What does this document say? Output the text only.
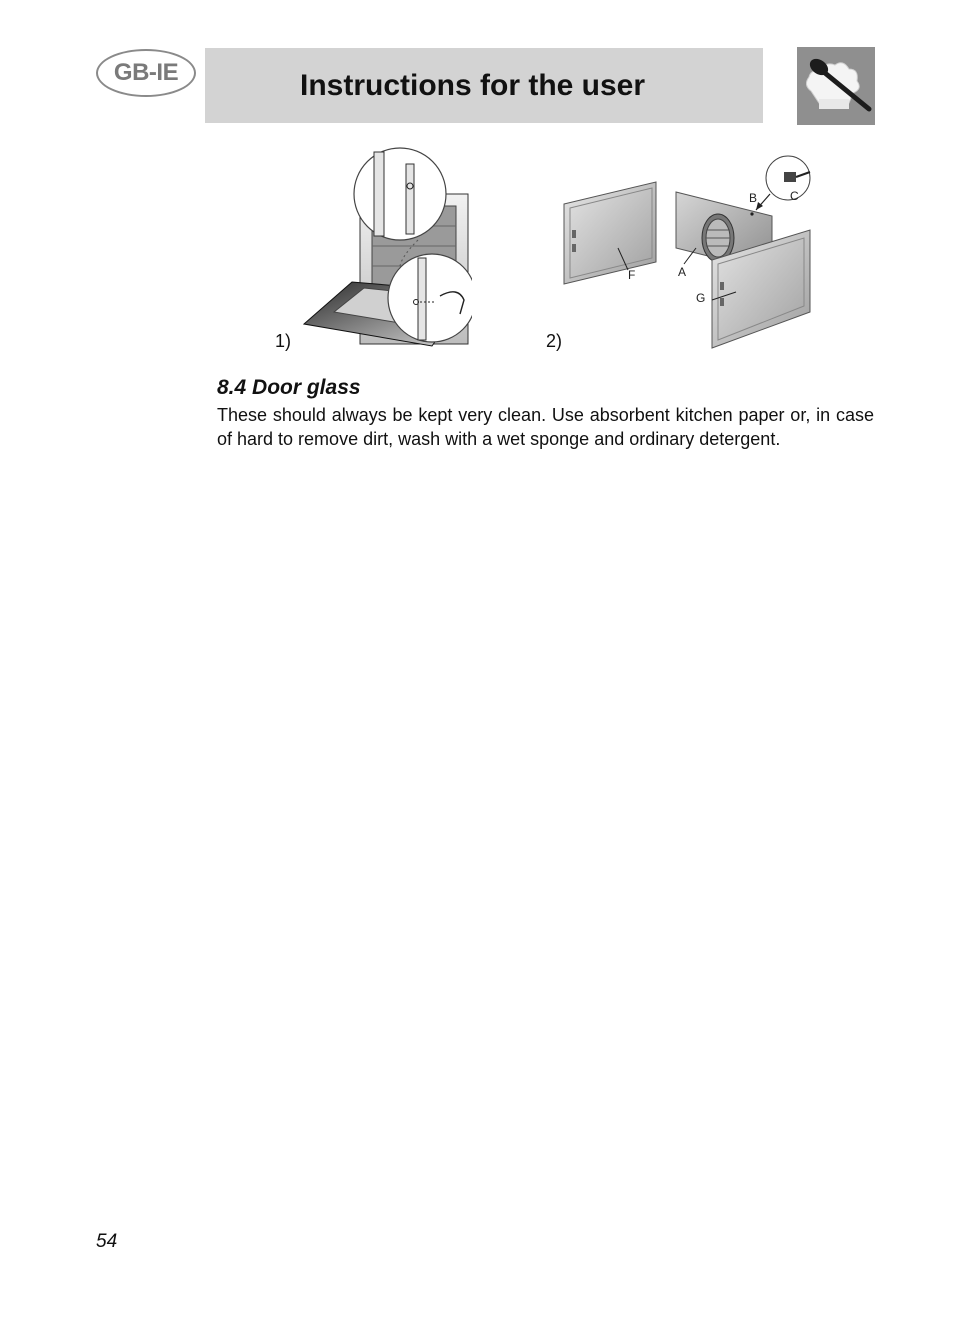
GB-IE	Instructions for the user
1)
B	C
F	A
G
2)
8.4 Door glass

These should always be kept very clean. Use absorbent kitchen paper or, in case of hard to remove dirt, wash with a wet sponge and ordinary detergent.

54
